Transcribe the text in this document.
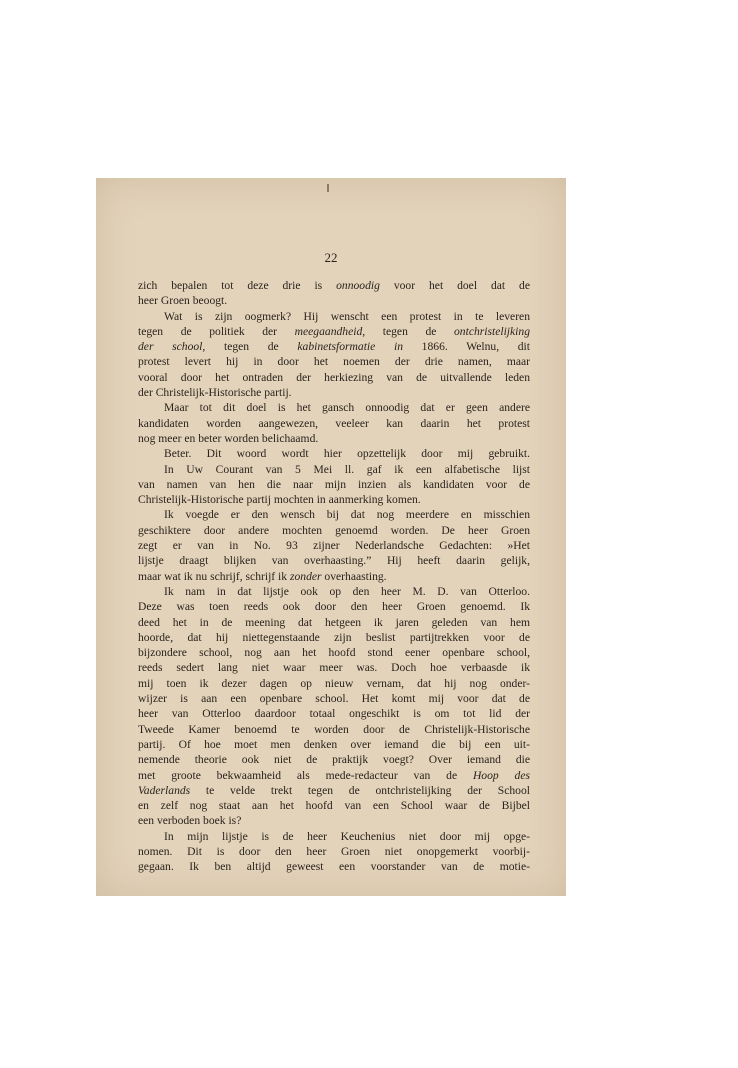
22
zich bepalen tot deze drie is onnoodig voor het doel dat de
heer Groen beoogt.
Wat is zijn oogmerk? Hij wenscht een protest in te leveren
tegen de politiek der meegaandheid, tegen de ontchristelijking
der school, tegen de kabinetsformatie in 1866. Welnu, dit
protest levert hij in door het noemen der drie namen, maar
vooral door het ontraden der herkiezing van de uitvallende leden
der Christelijk-Historische partij.
Maar tot dit doel is het gansch onnoodig dat er geen andere
kandidaten worden aangewezen, veeleer kan daarin het protest
nog meer en beter worden belichaamd.
Beter. Dit woord wordt hier opzettelijk door mij gebruikt.
In Uw Courant van 5 Mei ll. gaf ik een alfabetische lijst
van namen van hen die naar mijn inzien als kandidaten voor de
Christelijk-Historische partij mochten in aanmerking komen.
Ik voegde er den wensch bij dat nog meerdere en misschien
geschiktere door andere mochten genoemd worden. De heer Groen
zegt er van in No. 93 zijner Nederlandsche Gedachten: »Het
lijstje draagt blijken van overhaasting.” Hij heeft daarin gelijk,
maar wat ik nu schrijf, schrijf ik zonder overhaasting.
Ik nam in dat lijstje ook op den heer M. D. van Otterloo.
Deze was toen reeds ook door den heer Groen genoemd. Ik
deed het in de meening dat hetgeen ik jaren geleden van hem
hoorde, dat hij niettegenstaande zijn beslist partijtrekken voor de
bijzondere school, nog aan het hoofd stond eener openbare school,
reeds sedert lang niet waar meer was. Doch hoe verbaasde ik
mij toen ik dezer dagen op nieuw vernam, dat hij nog onder-
wijzer is aan een openbare school. Het komt mij voor dat de
heer van Otterloo daardoor totaal ongeschikt is om tot lid der
Tweede Kamer benoemd te worden door de Christelijk-Historische
partij. Of hoe moet men denken over iemand die bij een uit-
nemende theorie ook niet de praktijk voegt? Over iemand die
met groote bekwaamheid als mede-redacteur van de Hoop des
Vaderlands te velde trekt tegen de ontchristelijking der School
en zelf nog staat aan het hoofd van een School waar de Bijbel
een verboden boek is?
In mijn lijstje is de heer Keuchenius niet door mij opge-
nomen. Dit is door den heer Groen niet onopgemerkt voorbij-
gegaan. Ik ben altijd geweest een voorstander van de motie-
